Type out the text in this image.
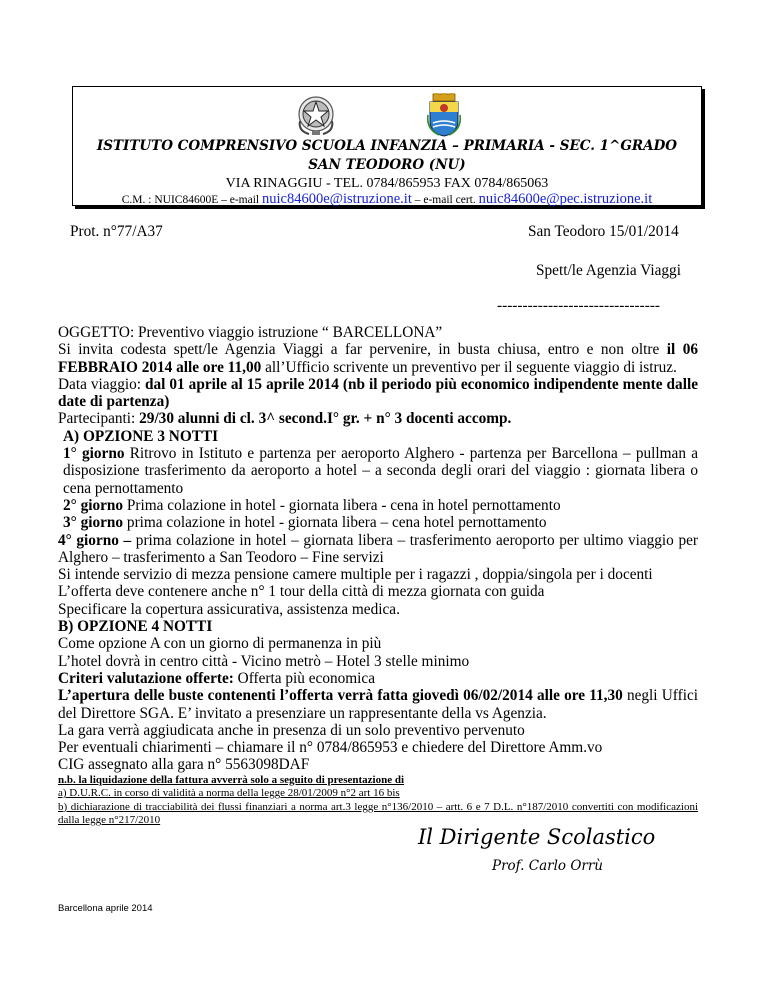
ISTITUTO COMPRENSIVO SCUOLA INFANZIA – PRIMARIA - SEC. 1^GRADO
SAN TEODORO (NU)
VIA RINAGGIU - TEL. 0784/865953 FAX 0784/865063
C.M. : NUIC84600E – e-mail nuic84600e@istruzione.it – e-mail cert. nuic84600e@pec.istruzione.it
Prot. n°77/A37	San Teodoro 15/01/2014
Spett/le Agenzia Viaggi
--------------------------------

OGGETTO: Preventivo viaggio istruzione “ BARCELLONA”

Si invita codesta spett/le Agenzia Viaggi a far pervenire, in busta chiusa, entro e non oltre il 06 FEBBRAIO 2014 alle ore 11,00 all’Ufficio scrivente un preventivo per il seguente viaggio di istruz.

Data viaggio: dal 01 aprile al 15 aprile 2014 (nb il periodo più economico indipendente mente dalle date di partenza)

Partecipanti: 29/30 alunni di cl. 3^ second.I° gr. + n° 3 docenti accomp.

A) OPZIONE 3 NOTTI

1° giorno Ritrovo in Istituto e partenza per aeroporto Alghero - partenza per Barcellona – pullman a disposizione trasferimento da aeroporto a hotel – a seconda degli orari del viaggio : giornata libera o cena pernottamento

2° giorno Prima colazione in hotel - giornata libera - cena in hotel pernottamento

3° giorno prima colazione in hotel - giornata libera – cena hotel pernottamento

4° giorno – prima colazione in hotel – giornata libera – trasferimento aeroporto per ultimo viaggio per Alghero – trasferimento a San Teodoro – Fine servizi

Si intende servizio di mezza pensione camere multiple per i ragazzi , doppia/singola per i docenti

L’offerta deve contenere anche n° 1 tour della città di mezza giornata con guida

Specificare la copertura assicurativa, assistenza medica.

B) OPZIONE 4 NOTTI

Come opzione A con un giorno di permanenza in più

L’hotel dovrà in centro città - Vicino metrò – Hotel 3 stelle minimo

Criteri valutazione offerte: Offerta più economica

L’apertura delle buste contenenti l’offerta verrà fatta giovedì 06/02/2014 alle ore 11,30 negli Uffici del Direttore SGA. E’ invitato a presenziare un rappresentante della vs Agenzia.

La gara verrà aggiudicata anche in presenza di un solo preventivo pervenuto

Per eventuali chiarimenti – chiamare il n° 0784/865953 e chiedere del Direttore Amm.vo

CIG assegnato alla gara n° 5563098DAF

n.b. la liquidazione della fattura avverrà solo a seguito di presentazione di

a) D.U.R.C. in corso di validità a norma della legge 28/01/2009 n°2 art 16 bis

b) dichiarazione di tracciabilità dei flussi finanziari a norma art.3 legge n°136/2010 – artt. 6 e 7 D.L. n°187/2010 convertiti con modificazioni dalla legge n°217/2010

Il Dirigente Scolastico
Prof. Carlo Orrù
Barcellona aprile 2014
